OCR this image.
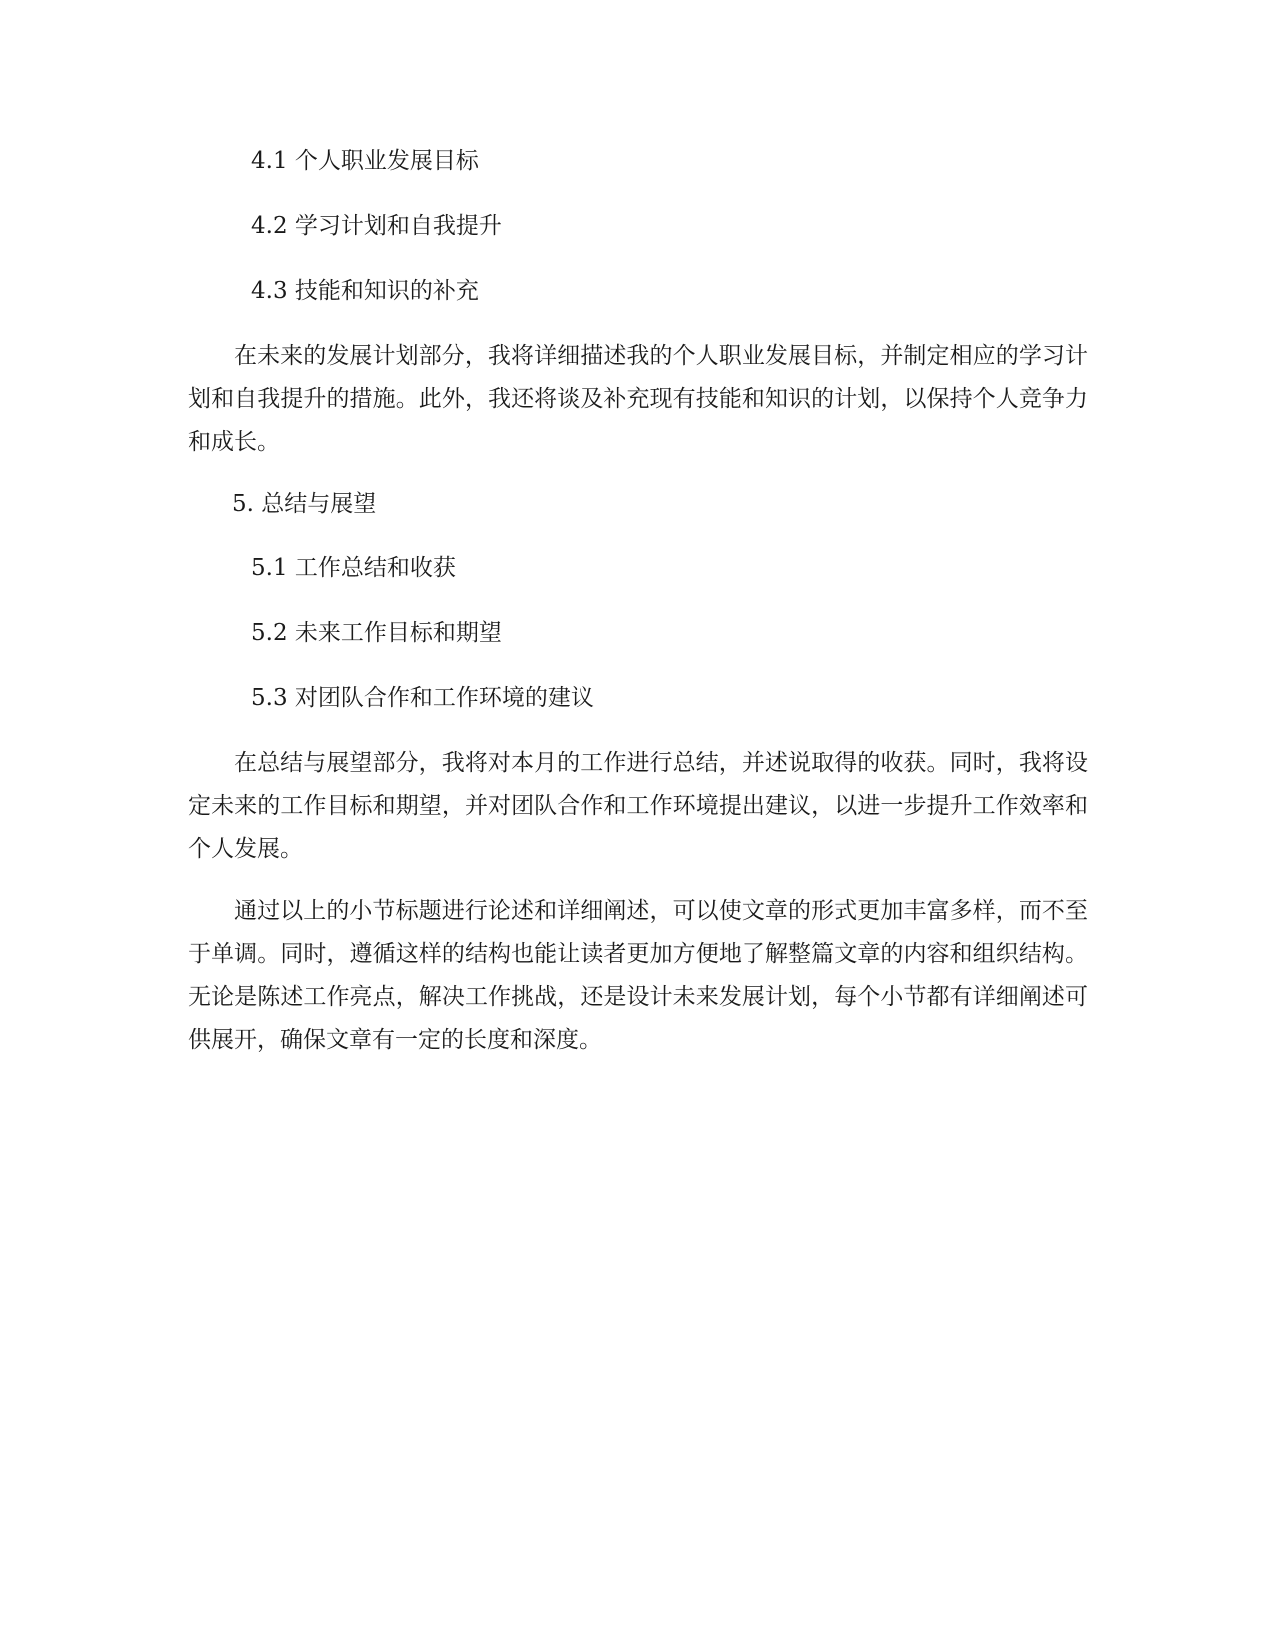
4.1 个人职业发展目标
4.2 学习计划和自我提升
4.3 技能和知识的补充

在未来的发展计划部分，我将详细描述我的个人职业发展目标，并制定相应的学习计划和自我提升的措施。此外，我还将谈及补充现有技能和知识的计划，以保持个人竞争力和成长。

5. 总结与展望
5.1 工作总结和收获
5.2 未来工作目标和期望
5.3 对团队合作和工作环境的建议

在总结与展望部分，我将对本月的工作进行总结，并述说取得的收获。同时，我将设定未来的工作目标和期望，并对团队合作和工作环境提出建议，以进一步提升工作效率和个人发展。

通过以上的小节标题进行论述和详细阐述，可以使文章的形式更加丰富多样，而不至于单调。同时，遵循这样的结构也能让读者更加方便地了解整篇文章的内容和组织结构。无论是陈述工作亮点，解决工作挑战，还是设计未来发展计划，每个小节都有详细阐述可供展开，确保文章有一定的长度和深度。
